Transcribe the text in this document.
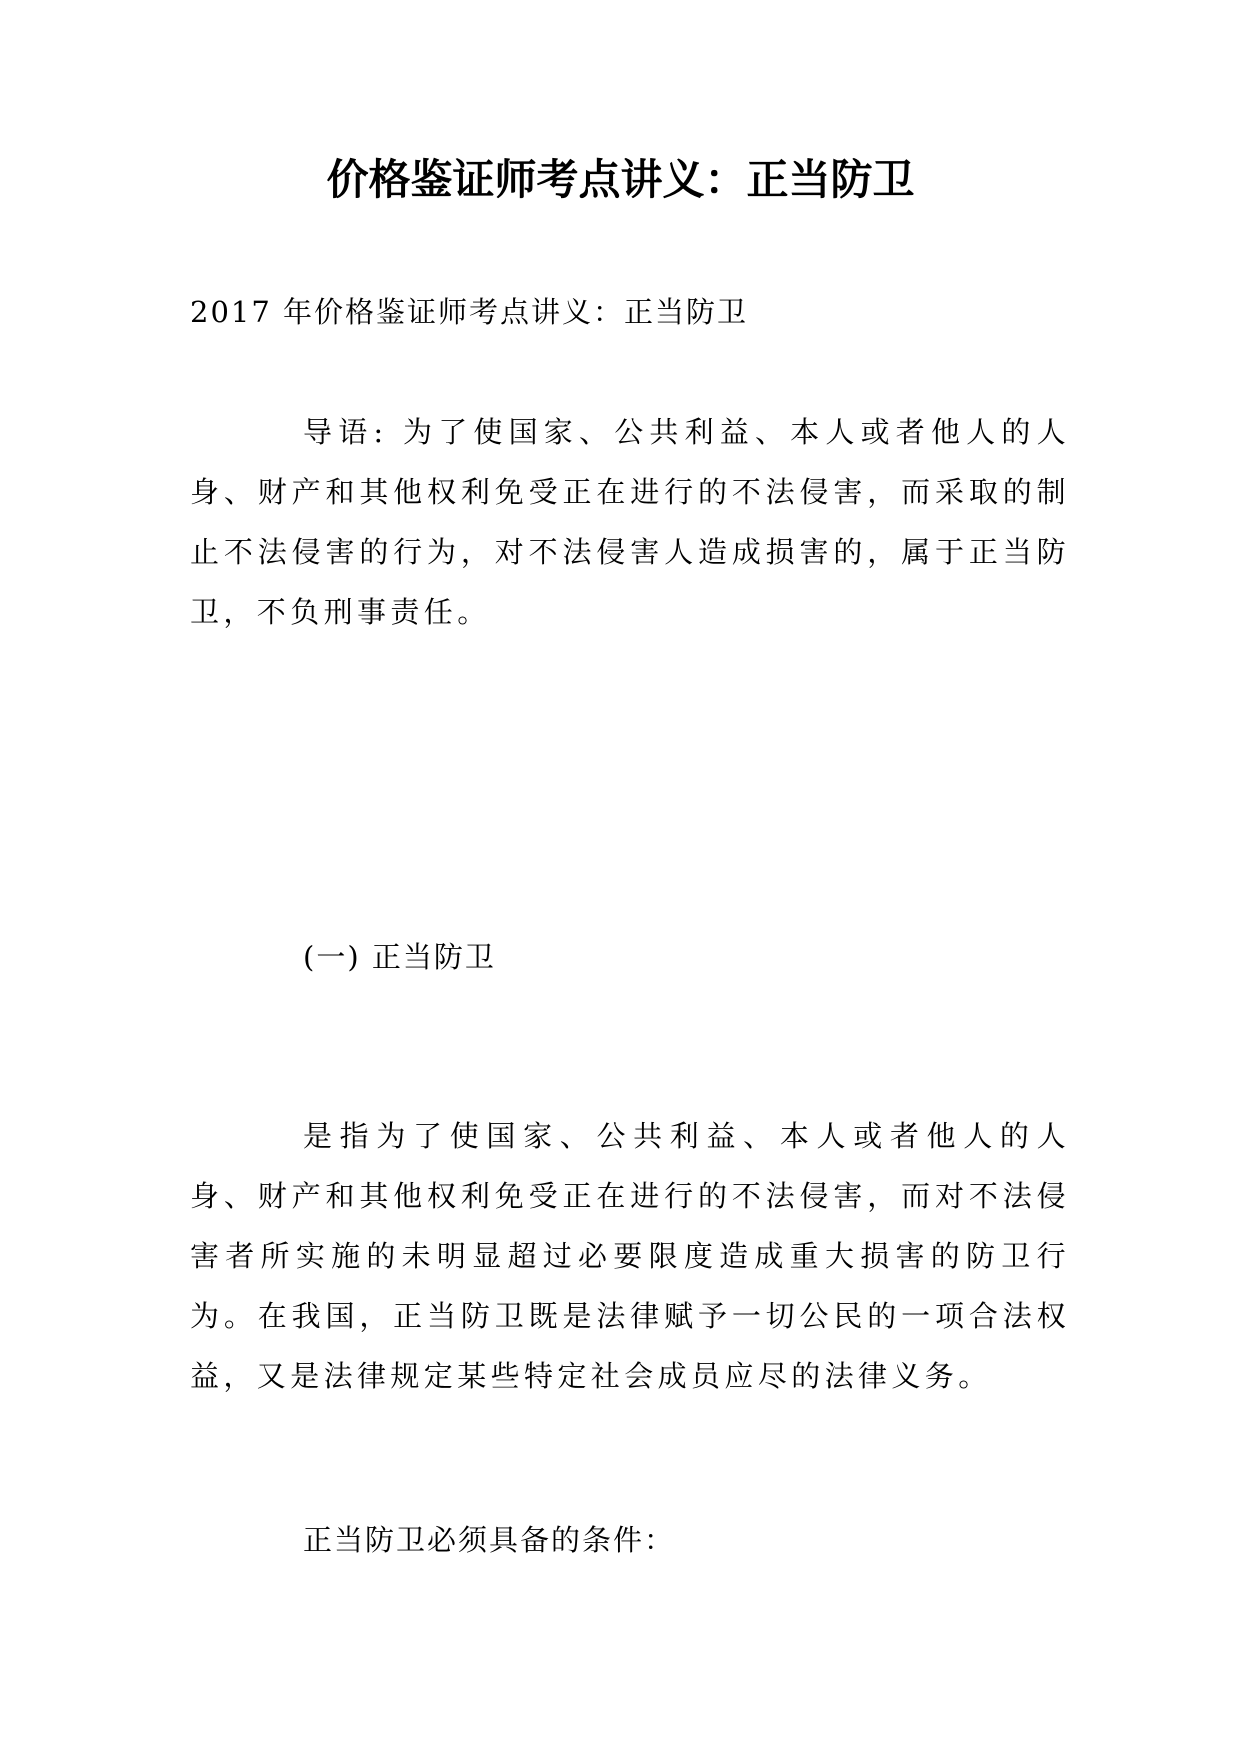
价格鉴证师考点讲义：正当防卫

2017 年价格鉴证师考点讲义：正当防卫

导语: 为了使国家、公共利益、本人或者他人的人身、财产和其他权利免受正在进行的不法侵害，而采取的制止不法侵害的行为，对不法侵害人造成损害的，属于正当防卫，不负刑事责任。

(一) 正当防卫

是指为了使国家、公共利益、本人或者他人的人身、财产和其他权利免受正在进行的不法侵害，而对不法侵害者所实施的未明显超过必要限度造成重大损害的防卫行为。在我国，正当防卫既是法律赋予一切公民的一项合法权益，又是法律规定某些特定社会成员应尽的法律义务。

正当防卫必须具备的条件：
